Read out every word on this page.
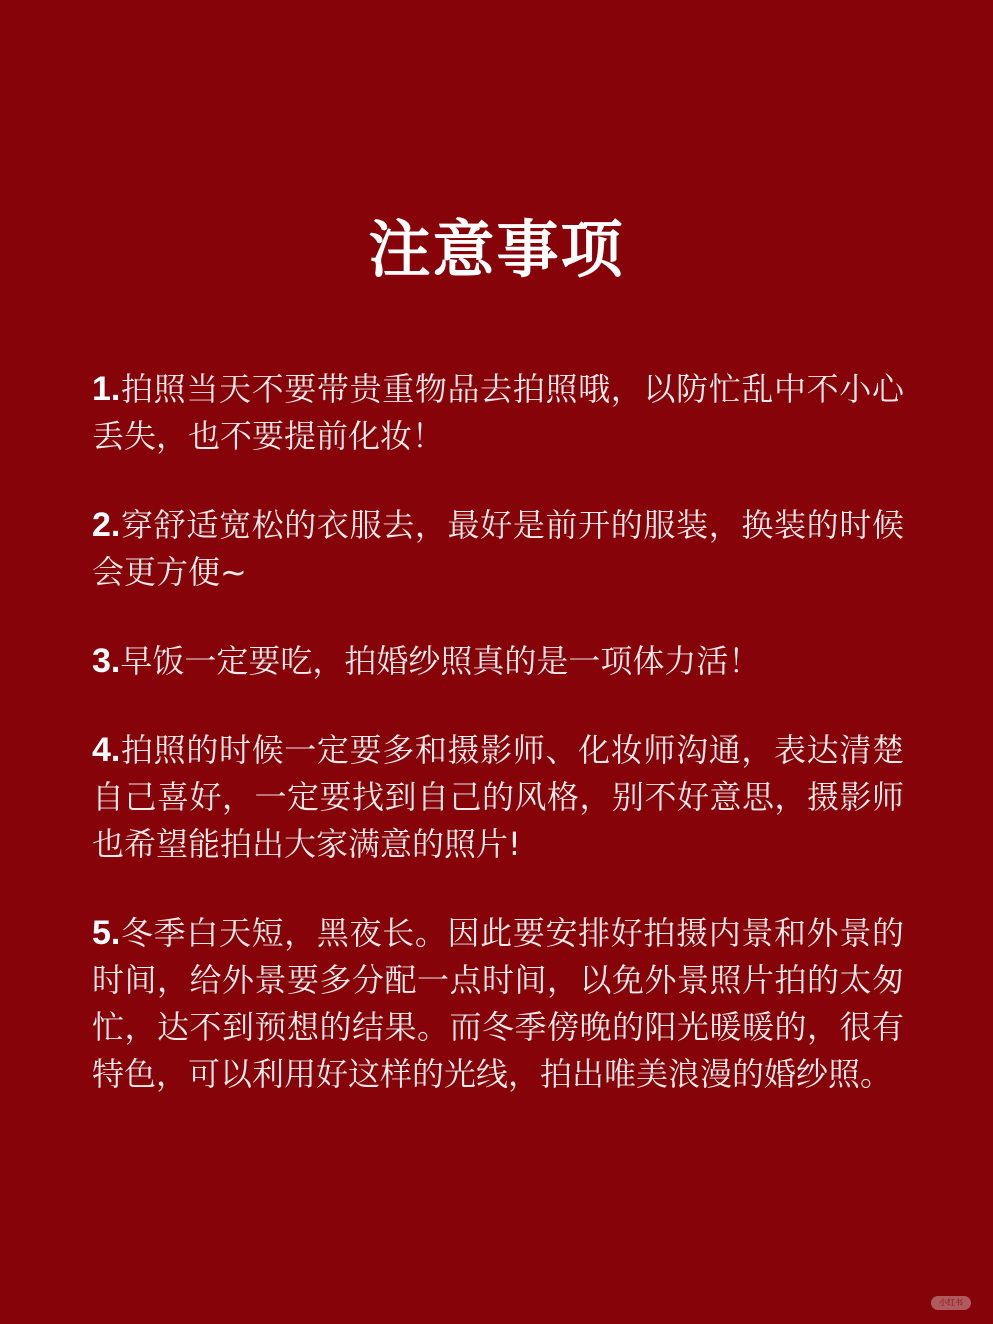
注意事项

1.拍照当天不要带贵重物品去拍照哦，以防忙乱中不小心丢失，也不要提前化妆！

2.穿舒适宽松的衣服去，最好是前开的服装，换装的时候会更方便~

3.早饭一定要吃，拍婚纱照真的是一项体力活！

4.拍照的时候一定要多和摄影师、化妆师沟通，表达清楚自己喜好，一定要找到自己的风格，别不好意思，摄影师也希望能拍出大家满意的照片!

5.冬季白天短，黑夜长。因此要安排好拍摄内景和外景的时间，给外景要多分配一点时间，以免外景照片拍的太匆忙，达不到预想的结果。而冬季傍晚的阳光暖暖的，很有特色，可以利用好这样的光线，拍出唯美浪漫的婚纱照。

小红书
